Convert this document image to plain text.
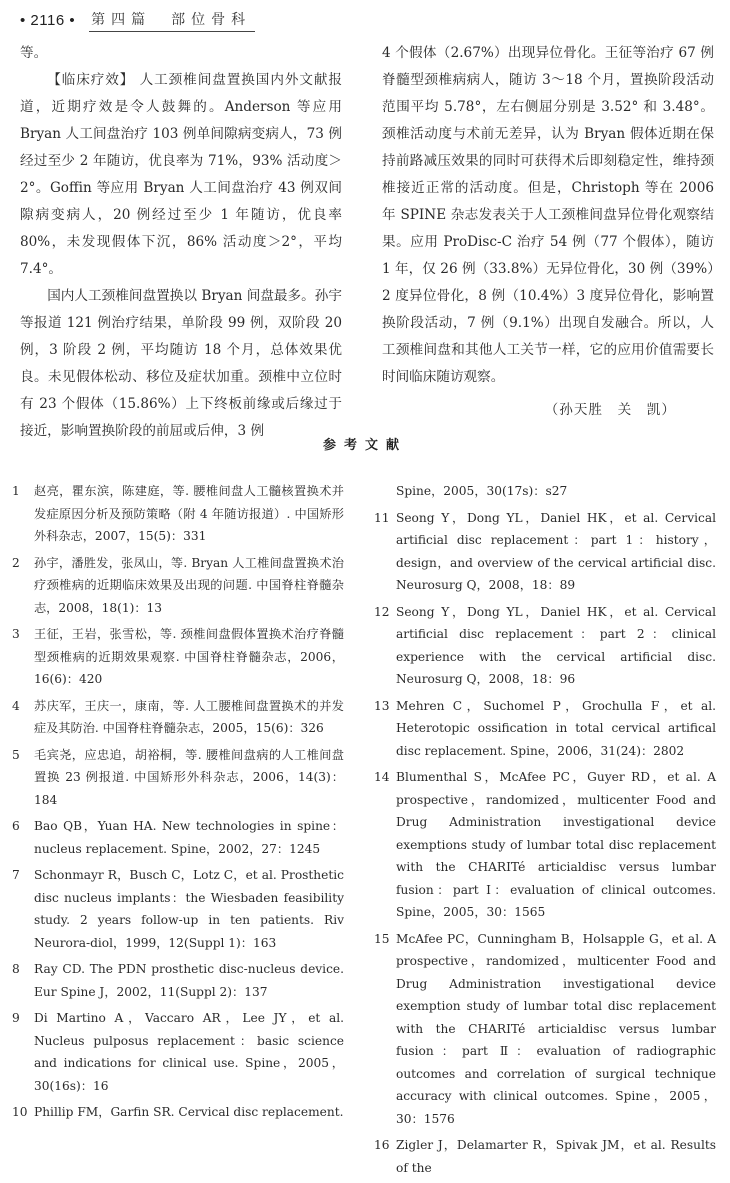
• 2116 • 第四篇　部位骨科

等。

【临床疗效】 人工颈椎间盘置换国内外文献报道，近期疗效是令人鼓舞的。Anderson 等应用 Bryan 人工间盘治疗 103 例单间隙病变病人，73 例经过至少 2 年随访，优良率为 71%，93% 活动度＞2°。Goffin 等应用 Bryan 人工间盘治疗 43 例双间隙病变病人，20 例经过至少 1 年随访，优良率 80%，未发现假体下沉，86% 活动度＞2°，平均 7.4°。

国内人工颈椎间盘置换以 Bryan 间盘最多。孙宇等报道 121 例治疗结果，单阶段 99 例，双阶段 20 例，3 阶段 2 例，平均随访 18 个月，总体效果优良。未见假体松动、移位及症状加重。颈椎中立位时有 23 个假体（15.86%）上下终板前缘或后缘过于接近，影响置换阶段的前屈或后伸，3 例

4 个假体（2.67%）出现异位骨化。王征等治疗 67 例脊髓型颈椎病病人，随访 3～18 个月，置换阶段活动范围平均 5.78°，左右侧屈分别是 3.52° 和 3.48°。颈椎活动度与术前无差异，认为 Bryan 假体近期在保持前路减压效果的同时可获得术后即刻稳定性，维持颈椎接近正常的活动度。但是，Christoph 等在 2006 年 SPINE 杂志发表关于人工颈椎间盘异位骨化观察结果。应用 ProDisc-C 治疗 54 例（77 个假体），随访 1 年，仅 26 例（33.8%）无异位骨化，30 例（39%）2 度异位骨化，8 例（10.4%）3 度异位骨化，影响置换阶段活动，7 例（9.1%）出现自发融合。所以，人工颈椎间盘和其他人工关节一样，它的应用价值需要长时间临床随访观察。

（孙天胜　关　凯）

参考文献
1	赵亮，瞿东滨，陈建庭，等. 腰椎间盘人工髓核置换术并发症原因分析及预防策略（附 4 年随访报道）. 中国矫形外科杂志，2007，15(5)：331
2	孙宇，潘胜发，张凤山，等. Bryan 人工椎间盘置换术治疗颈椎病的近期临床效果及出现的问题. 中国脊柱脊髓杂志，2008，18(1)：13
3	王征，王岩，张雪松，等. 颈椎间盘假体置换术治疗脊髓型颈椎病的近期效果观察. 中国脊柱脊髓杂志，2006，16(6)：420
4	苏庆军，王庆一，康南，等. 人工腰椎间盘置换术的并发症及其防治. 中国脊柱脊髓杂志，2005，15(6)：326
5	毛宾尧，应忠追，胡裕桐，等. 腰椎间盘病的人工椎间盘置换 23 例报道. 中国矫形外科杂志，2006，14(3)：184
6	Bao QB，Yuan HA. New technologies in spine：nucleus replacement. Spine，2002，27：1245
7	Schonmayr R，Busch C，Lotz C，et al. Prosthetic disc nucleus implants：the Wiesbaden feasibility study. 2 years follow-up in ten patients. Riv Neurora-diol，1999，12(Suppl 1)：163
8	Ray CD. The PDN prosthetic disc-nucleus device. Eur Spine J，2002，11(Suppl 2)：137
9	Di Martino A，Vaccaro AR，Lee JY，et al. Nucleus pulposus replacement：basic science and indications for clinical use. Spine，2005，30(16s)：16
10 Phillip FM，Garfin SR. Cervical disc replacement.
Spine，2005，30(17s)：s27
11 Seong Y，Dong YL，Daniel HK，et al. Cervical artificial disc replacement：part 1：history，design，and overview of the cervical artificial disc. Neurosurg Q，2008，18：89
12 Seong Y，Dong YL，Daniel HK，et al. Cervical artificial disc replacement：part 2：clinical experience with the cervical artificial disc. Neurosurg Q，2008，18：96
13 Mehren C，Suchomel P，Grochulla F，et al. Heterotopic ossification in total cervical artifical disc replacement. Spine，2006，31(24)：2802
14 Blumenthal S，McAfee PC，Guyer RD，et al. A prospective，randomized，multicenter Food and Drug Administration investigational device exemptions study of lumbar total disc replacement with the CHARITé articialdisc versus lumbar fusion：part Ⅰ：evaluation of clinical outcomes. Spine，2005，30：1565
15 McAfee PC，Cunningham B，Holsapple G，et al. A prospective，randomized，multicenter Food and Drug Administration investigational device exemption study of lumbar total disc replacement with the CHARITé articialdisc versus lumbar fusion：part Ⅱ：evaluation of radiographic outcomes and correlation of surgical technique accuracy with clinical outcomes. Spine，2005，30：1576
16 Zigler J，Delamarter R，Spivak JM，et al. Results of the
